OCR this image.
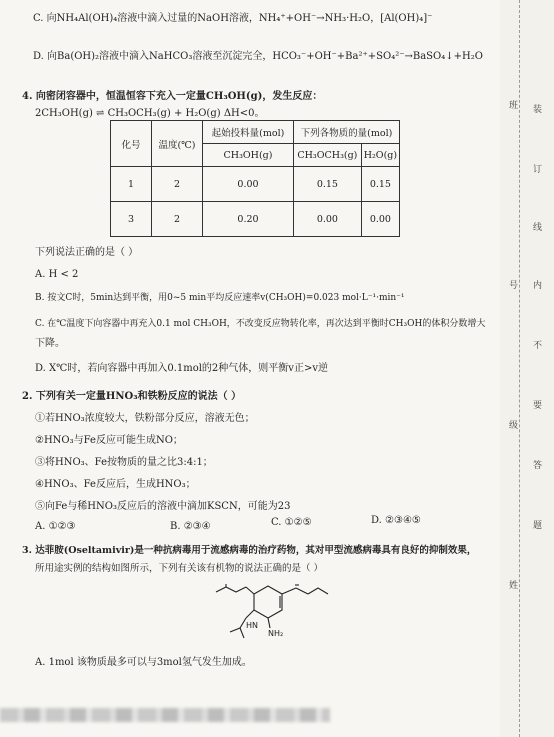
C. 向NH₄Al(OH)₄溶液中滴入过量的NaOH溶液，NH₄⁺+OH⁻→NH₃·H₂O，[Al(OH)₄]⁻
D. 向Ba(OH)₂溶液中滴入NaHCO₃溶液至沉淀完全，HCO₃⁻+OH⁻+Ba²⁺+SO₄²⁻→BaSO₄↓+H₂O
4. 向密闭容器中，恒温恒容下充入一定量CH₃OH(g)，发生反应：
2CH₃OH(g) ⇌ CH₃OCH₃(g) + H₂O(g) ΔH<0。
化号	温度(℃)	起始投料量(mol)	下列各物质的量(mol)	
		CH₃OH(g)	CH₃OCH₃(g)	H₂O(g)
1	2	0.00	0.15	0.15
3	2	0.20	0.00	0.00
下列说法正确的是（ ）
A. H < 2
B. 按文C时，5min达到平衡，用0~5 min平均反应速率v(CH₃OH)=0.023 mol·L⁻¹·min⁻¹
C. 在℃温度下向容器中再充入0.1 mol CH₃OH，不改变反应物转化率，再次达到平衡时CH₃OH的体积分数增大
下降。
D. X℃时，若向容器中再加入0.1mol的2种气体，则平衡v正>v逆
2. 下列有关一定量HNO₃和铁粉反应的说法（ ）
①若HNO₃浓度较大，铁粉部分反应，溶液无色；
②HNO₃与Fe反应可能生成NO；
③将HNO₃、Fe按物质的量之比3:4:1；
④HNO₃、Fe反应后，生成HNO₃；
⑤向Fe与稀HNO₃反应后的溶液中滴加KSCN，可能为23
A. ①②③	B. ②③④	C. ①②⑤	D. ②③④⑤
3. 达菲胺(Oseltamivir)是一种抗病毒用于流感病毒的治疗药物，其对甲型流感病毒具有良好的抑制效果，
所用途实例的结构如图所示，下列有关该有机物的说法正确的是（ ）
HN
NH₂
A. 1mol 该物质最多可以与3mol氢气发生加成。
班
号
级
姓
装
订
线
内
不
要
答
题
